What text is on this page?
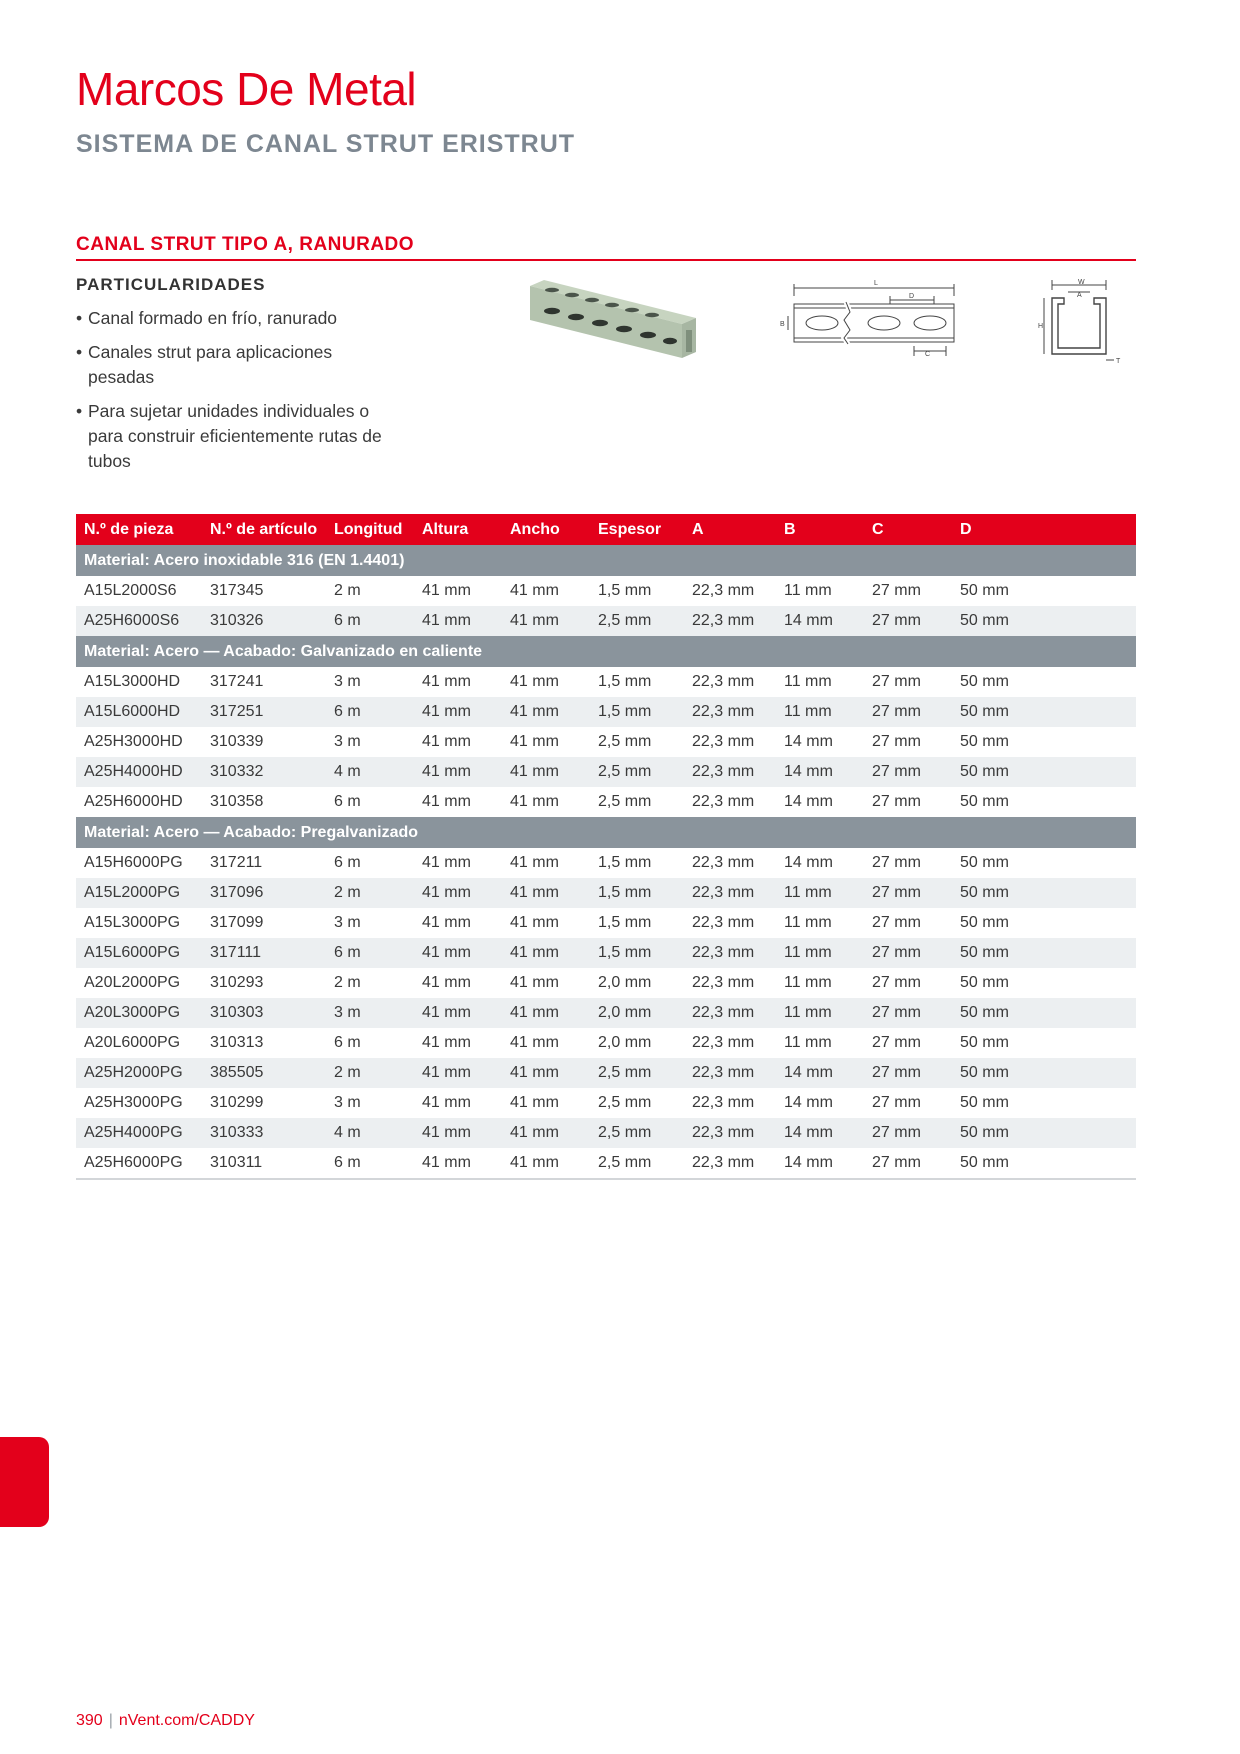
Marcos De Metal
SISTEMA DE CANAL STRUT ERISTRUT
CANAL STRUT TIPO A, RANURADO
PARTICULARIDADES
• Canal formado en frío, ranurado
• Canales strut para aplicaciones pesadas
• Para sujetar unidades individuales o para construir eficientemente rutas de tubos
L
D
B
C
W
A
H
T
N.º de pieza	N.º de artículo	Longitud	Altura	Ancho	Espesor	A	B	C	D
Material: Acero inoxidable 316 (EN 1.4401)									
A15L2000S6	317345	2 m	41 mm	41 mm	1,5 mm	22,3 mm	11 mm	27 mm	50 mm
A25H6000S6	310326	6 m	41 mm	41 mm	2,5 mm	22,3 mm	14 mm	27 mm	50 mm
Material: Acero — Acabado: Galvanizado en caliente									
A15L3000HD	317241	3 m	41 mm	41 mm	1,5 mm	22,3 mm	11 mm	27 mm	50 mm
A15L6000HD	317251	6 m	41 mm	41 mm	1,5 mm	22,3 mm	11 mm	27 mm	50 mm
A25H3000HD	310339	3 m	41 mm	41 mm	2,5 mm	22,3 mm	14 mm	27 mm	50 mm
A25H4000HD	310332	4 m	41 mm	41 mm	2,5 mm	22,3 mm	14 mm	27 mm	50 mm
A25H6000HD	310358	6 m	41 mm	41 mm	2,5 mm	22,3 mm	14 mm	27 mm	50 mm
Material: Acero — Acabado: Pregalvanizado									
A15H6000PG	317211	6 m	41 mm	41 mm	1,5 mm	22,3 mm	14 mm	27 mm	50 mm
A15L2000PG	317096	2 m	41 mm	41 mm	1,5 mm	22,3 mm	11 mm	27 mm	50 mm
A15L3000PG	317099	3 m	41 mm	41 mm	1,5 mm	22,3 mm	11 mm	27 mm	50 mm
A15L6000PG	317111	6 m	41 mm	41 mm	1,5 mm	22,3 mm	11 mm	27 mm	50 mm
A20L2000PG	310293	2 m	41 mm	41 mm	2,0 mm	22,3 mm	11 mm	27 mm	50 mm
A20L3000PG	310303	3 m	41 mm	41 mm	2,0 mm	22,3 mm	11 mm	27 mm	50 mm
A20L6000PG	310313	6 m	41 mm	41 mm	2,0 mm	22,3 mm	11 mm	27 mm	50 mm
A25H2000PG	385505	2 m	41 mm	41 mm	2,5 mm	22,3 mm	14 mm	27 mm	50 mm
A25H3000PG	310299	3 m	41 mm	41 mm	2,5 mm	22,3 mm	14 mm	27 mm	50 mm
A25H4000PG	310333	4 m	41 mm	41 mm	2,5 mm	22,3 mm	14 mm	27 mm	50 mm
A25H6000PG	310311	6 m	41 mm	41 mm	2,5 mm	22,3 mm	14 mm	27 mm	50 mm
390 | nVent.com/CADDY
